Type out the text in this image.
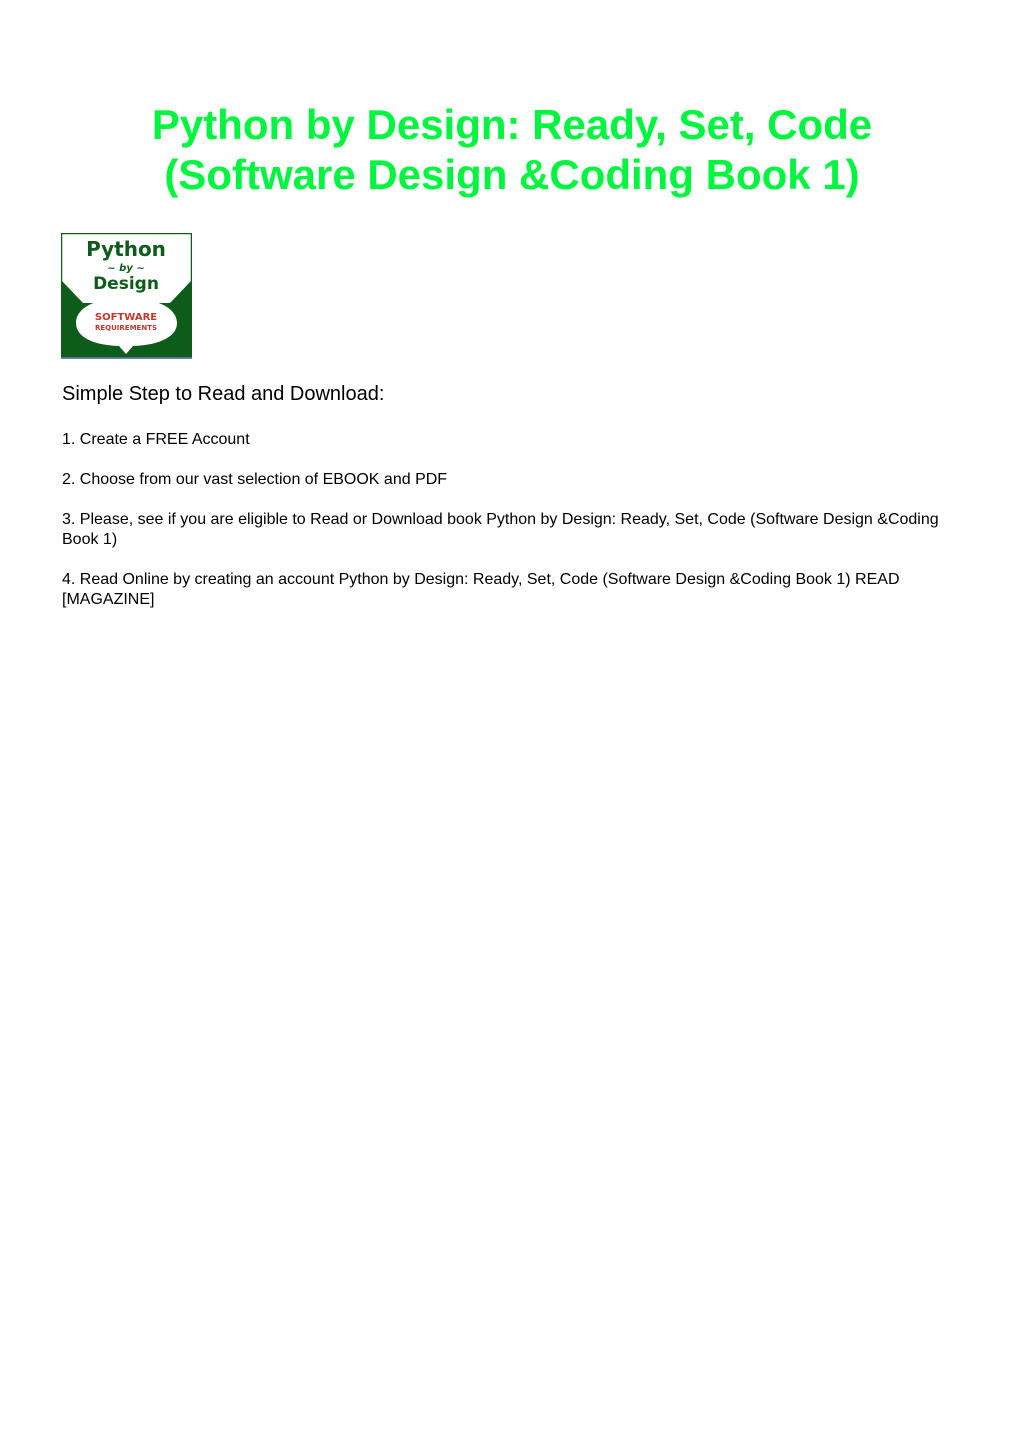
Python by Design: Ready, Set, Code
(Software Design &Coding Book 1)
Python
~ by ~
Design
SOFTWARE
REQUIREMENTS
Simple Step to Read and Download:
1. Create a FREE Account
2. Choose from our vast selection of EBOOK and PDF
3. Please, see if you are eligible to Read or Download book Python by Design: Ready, Set, Code (Software Design &Coding Book 1)
4. Read Online by creating an account Python by Design: Ready, Set, Code (Software Design &Coding Book 1) READ [MAGAZINE]
